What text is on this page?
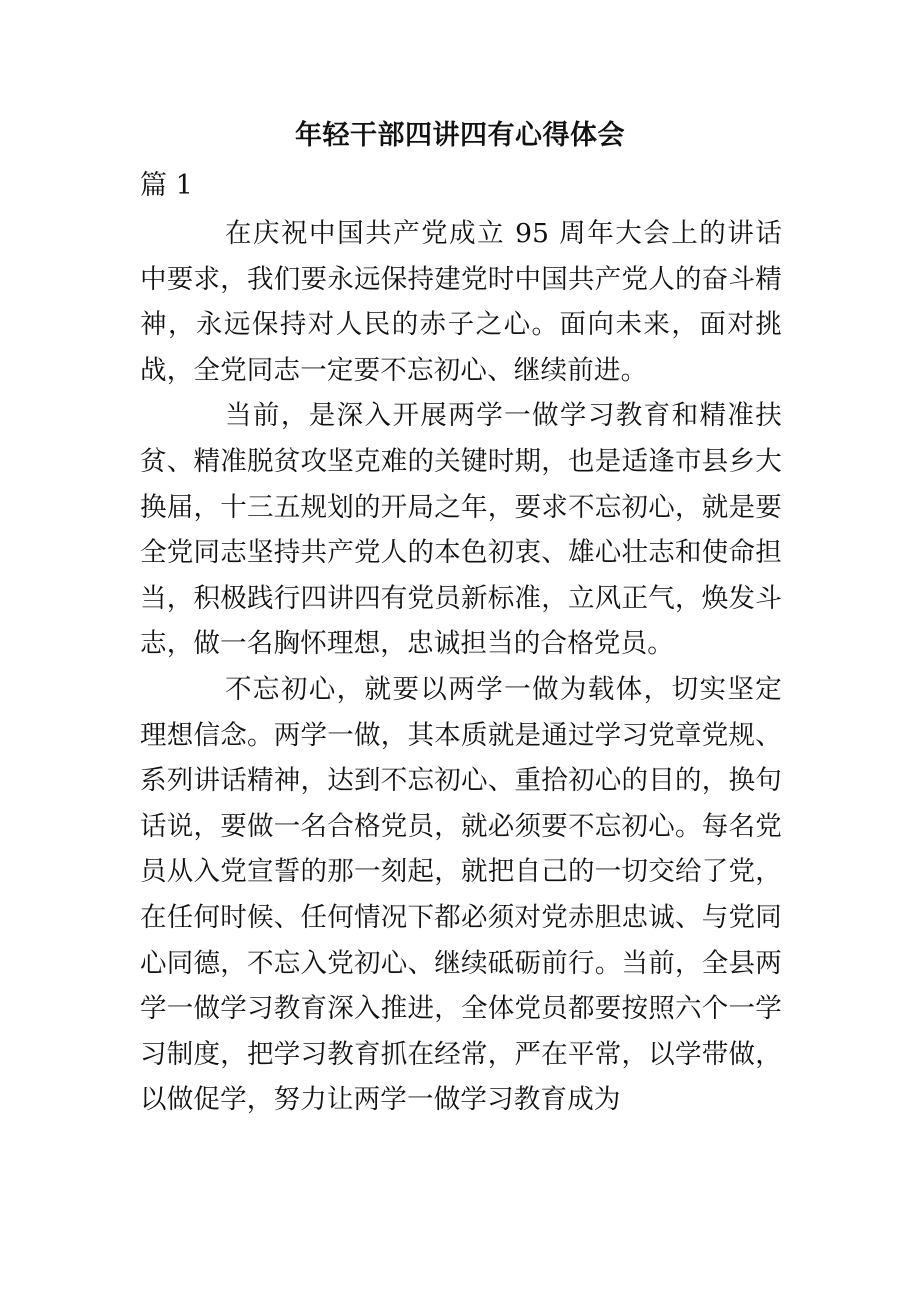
年轻干部四讲四有心得体会
篇 1

在庆祝中国共产党成立 95 周年大会上的讲话中要求，我们要永远保持建党时中国共产党人的奋斗精神，永远保持对人民的赤子之心。面向未来，面对挑战，全党同志一定要不忘初心、继续前进。

当前，是深入开展两学一做学习教育和精准扶贫、精准脱贫攻坚克难的关键时期，也是适逢市县乡大换届，十三五规划的开局之年，要求不忘初心，就是要全党同志坚持共产党人的本色初衷、雄心壮志和使命担当，积极践行四讲四有党员新标准，立风正气，焕发斗志，做一名胸怀理想，忠诚担当的合格党员。

不忘初心，就要以两学一做为载体，切实坚定理想信念。两学一做，其本质就是通过学习党章党规、系列讲话精神，达到不忘初心、重拾初心的目的，换句话说，要做一名合格党员，就必须要不忘初心。每名党员从入党宣誓的那一刻起，就把自己的一切交给了党，在任何时候、任何情况下都必须对党赤胆忠诚、与党同心同德，不忘入党初心、继续砥砺前行。当前，全县两学一做学习教育深入推进，全体党员都要按照六个一学习制度，把学习教育抓在经常，严在平常，以学带做，以做促学，努力让两学一做学习教育成为
